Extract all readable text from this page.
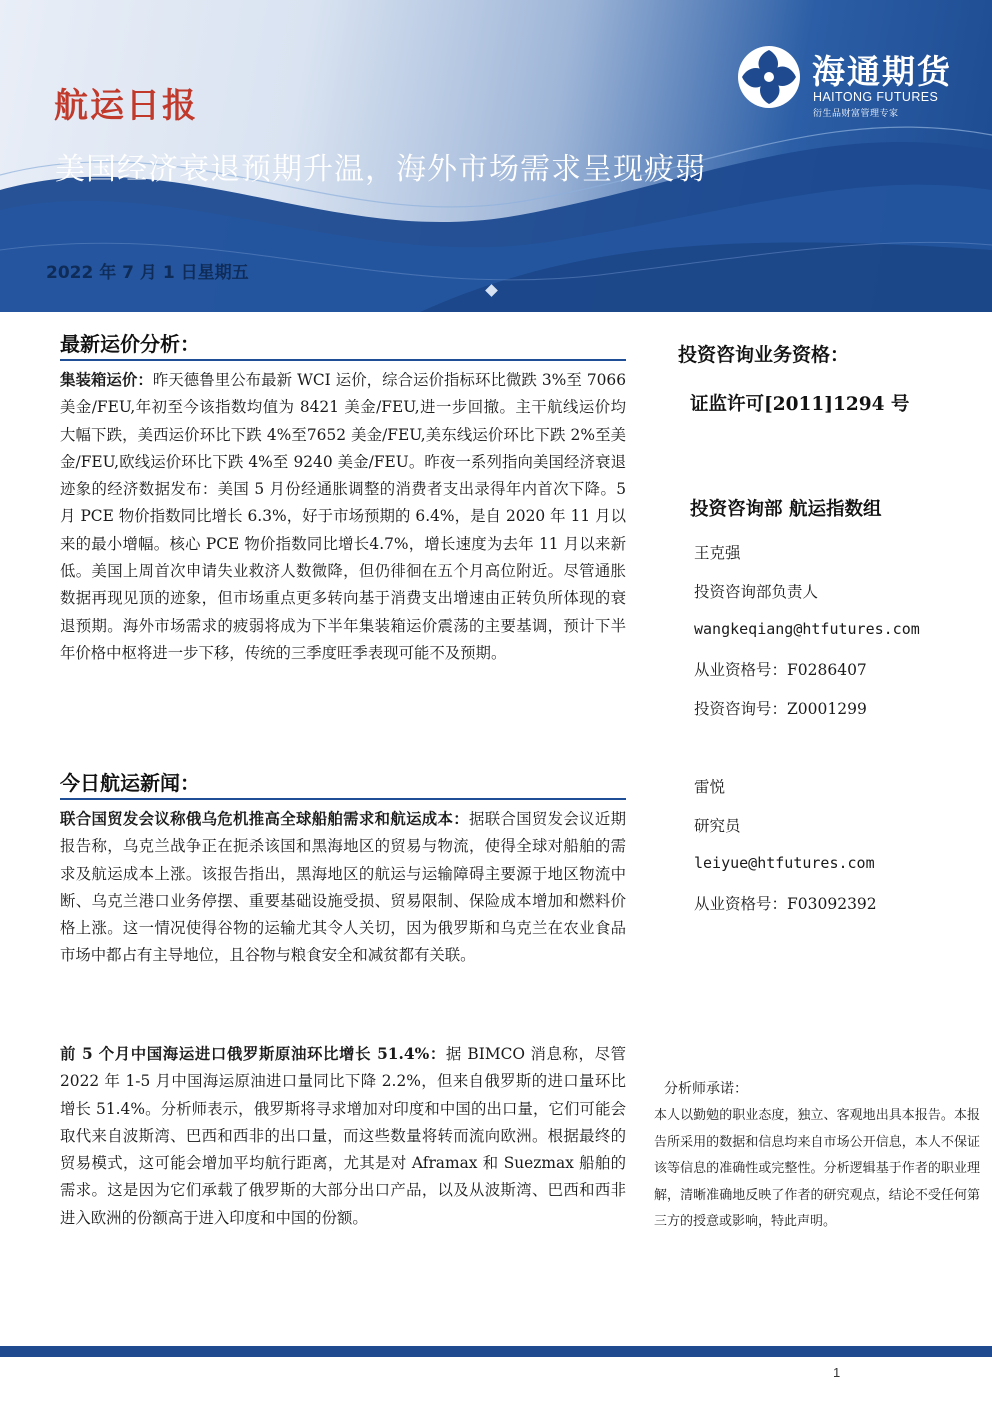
海通期货
HAITONG FUTURES
衍生品财富管理专家
航运日报
美国经济衰退预期升温，海外市场需求呈现疲弱
2022 年 7 月 1 日星期五
最新运价分析：
集装箱运价：昨天德鲁里公布最新 WCI 运价，综合运价指标环比微跌 3%至 7066 美金/FEU,年初至今该指数均值为 8421 美金/FEU,进一步回撤。主干航线运价均大幅下跌，美西运价环比下跌 4%至7652 美金/FEU,美东线运价环比下跌 2%至美金/FEU,欧线运价环比下跌 4%至 9240 美金/FEU。昨夜一系列指向美国经济衰退迹象的经济数据发布：美国 5 月份经通胀调整的消费者支出录得年内首次下降。5 月 PCE 物价指数同比增长 6.3%，好于市场预期的 6.4%，是自 2020 年 11 月以来的最小增幅。核心 PCE 物价指数同比增长4.7%，增长速度为去年 11 月以来新低。美国上周首次申请失业救济人数微降，但仍徘徊在五个月高位附近。尽管通胀数据再现见顶的迹象，但市场重点更多转向基于消费支出增速由正转负所体现的衰退预期。海外市场需求的疲弱将成为下半年集装箱运价震荡的主要基调，预计下半年价格中枢将进一步下移，传统的三季度旺季表现可能不及预期。
今日航运新闻：
联合国贸发会议称俄乌危机推高全球船舶需求和航运成本：据联合国贸发会议近期报告称，乌克兰战争正在扼杀该国和黑海地区的贸易与物流，使得全球对船舶的需求及航运成本上涨。该报告指出，黑海地区的航运与运输障碍主要源于地区物流中断、乌克兰港口业务停摆、重要基础设施受损、贸易限制、保险成本增加和燃料价格上涨。这一情况使得谷物的运输尤其令人关切，因为俄罗斯和乌克兰在农业食品市场中都占有主导地位，且谷物与粮食安全和减贫都有关联。
前 5 个月中国海运进口俄罗斯原油环比增长 51.4%：据 BIMCO 消息称，尽管 2022 年 1-5 月中国海运原油进口量同比下降 2.2%，但来自俄罗斯的进口量环比增长 51.4%。分析师表示，俄罗斯将寻求增加对印度和中国的出口量，它们可能会取代来自波斯湾、巴西和西非的出口量，而这些数量将转而流向欧洲。根据最终的贸易模式，这可能会增加平均航行距离，尤其是对 Aframax 和 Suezmax 船舶的需求。这是因为它们承载了俄罗斯的大部分出口产品，以及从波斯湾、巴西和西非进入欧洲的份额高于进入印度和中国的份额。
投资咨询业务资格：
证监许可[2011]1294 号
投资咨询部 航运指数组
王克强
投资咨询部负责人
wangkeqiang@htfutures.com
从业资格号：F0286407
投资咨询号：Z0001299
雷悦
研究员
leiyue@htfutures.com
从业资格号：F03092392
分析师承诺：
本人以勤勉的职业态度，独立、客观地出具本报告。本报告所采用的数据和信息均来自市场公开信息，本人不保证该等信息的准确性或完整性。分析逻辑基于作者的职业理解，清晰准确地反映了作者的研究观点，结论不受任何第三方的授意或影响，特此声明。
1
